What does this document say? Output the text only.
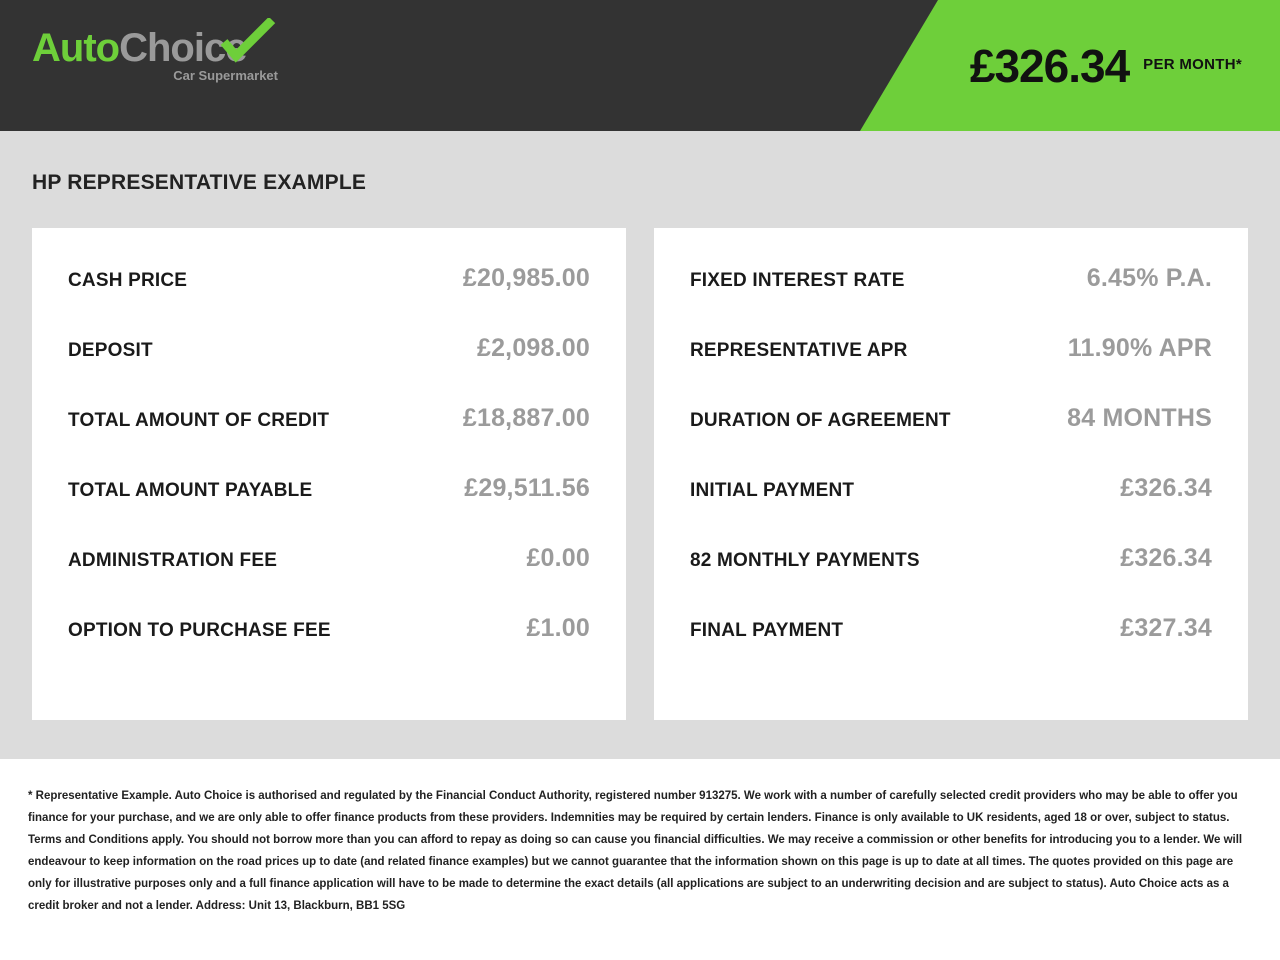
AutoChoice
Car Supermarket	£326.34 PER MONTH*
HP REPRESENTATIVE EXAMPLE
CASH PRICE	£20,985.00
DEPOSIT	£2,098.00
TOTAL AMOUNT OF CREDIT	£18,887.00
TOTAL AMOUNT PAYABLE	£29,511.56
ADMINISTRATION FEE	£0.00
OPTION TO PURCHASE FEE	£1.00
FIXED INTEREST RATE	6.45% P.A.
REPRESENTATIVE APR	11.90% APR
DURATION OF AGREEMENT	84 MONTHS
INITIAL PAYMENT	£326.34
82 MONTHLY PAYMENTS	£326.34
FINAL PAYMENT	£327.34

* Representative Example. Auto Choice is authorised and regulated by the Financial Conduct Authority, registered number 913275. We work with a number of carefully selected credit providers who may be able to offer you finance for your purchase, and we are only able to offer finance products from these providers. Indemnities may be required by certain lenders. Finance is only available to UK residents, aged 18 or over, subject to status. Terms and Conditions apply. You should not borrow more than you can afford to repay as doing so can cause you financial difficulties. We may receive a commission or other benefits for introducing you to a lender. We will endeavour to keep information on the road prices up to date (and related finance examples) but we cannot guarantee that the information shown on this page is up to date at all times. The quotes provided on this page are only for illustrative purposes only and a full finance application will have to be made to determine the exact details (all applications are subject to an underwriting decision and are subject to status). Auto Choice acts as a credit broker and not a lender. Address: Unit 13, Blackburn, BB1 5SG
